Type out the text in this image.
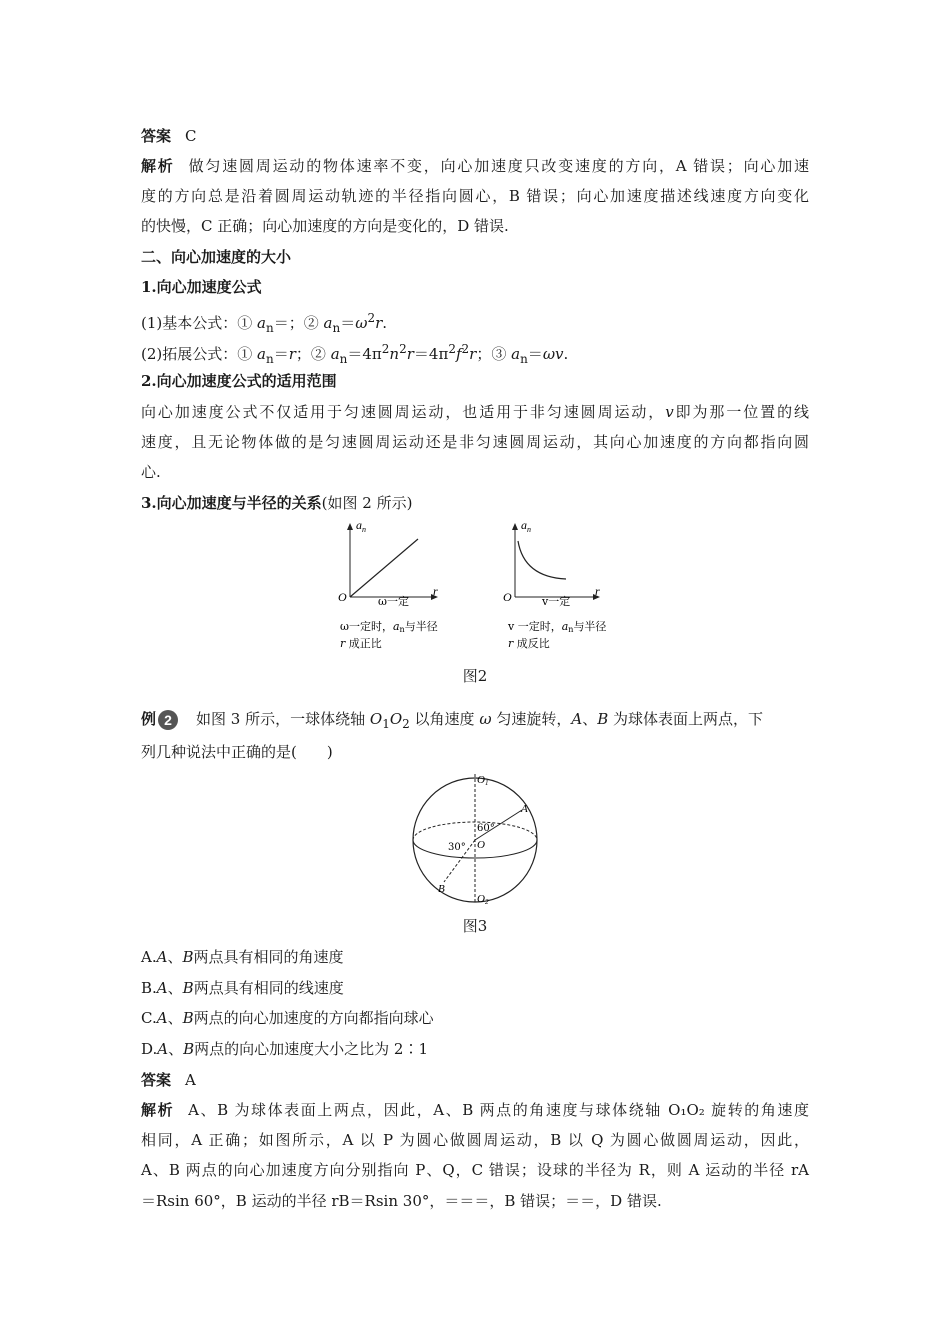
答案 C
解析 做匀速圆周运动的物体速率不变，向心加速度只改变速度的方向，A 错误；向心加速
度的方向总是沿着圆周运动轨迹的半径指向圆心，B 错误；向心加速度描述线速度方向变化
的快慢，C 正确；向心加速度的方向是变化的，D 错误.
二、向心加速度的大小
1.向心加速度公式
(1)基本公式：① $a_n=$；② $a_n=\omega^2r$.
(2)拓展公式：① $a_n=r$；② $a_n=4\pi^2n^2r=4\pi^2f^2r$；③ $a_n=\omega v$.
2.向心加速度公式的适用范围
向心加速度公式不仅适用于匀速圆周运动，也适用于非匀速圆周运动，v即为那一位置的线
速度，且无论物体做的是匀速圆周运动还是非匀速圆周运动，其向心加速度的方向都指向圆
心.
3.向心加速度与半径的关系(如图 2 所示)
$a_n$
O	r
ω一定
ω一定时，an与半径
r 成正比
$a_n$
O	r
v一定
v 一定时，an与半径
r 成反比
图2
例 2 如图 3 所示，一球体绕轴 $O_1O_2$ 以角速度 ω 匀速旋转，A、B 为球体表面上两点，下
列几种说法中正确的是(　　)
O1
O2
A
B
O
60°
30°
图3
A.A、B两点具有相同的角速度
B.A、B两点具有相同的线速度
C.A、B两点的向心加速度的方向都指向球心
D.A、B两点的向心加速度大小之比为 2∶1
答案 A
解析 A、B 为球体表面上两点，因此，A、B 两点的角速度与球体绕轴 O₁O₂ 旋转的角速度
相同，A 正确；如图所示，A 以 P 为圆心做圆周运动，B 以 Q 为圆心做圆周运动，因此，
A、B 两点的向心加速度方向分别指向 P、Q，C 错误；设球的半径为 R，则 A 运动的半径 rA
＝Rsin 60°，B 运动的半径 rB＝Rsin 30°，＝＝＝，B 错误；＝＝，D 错误.
